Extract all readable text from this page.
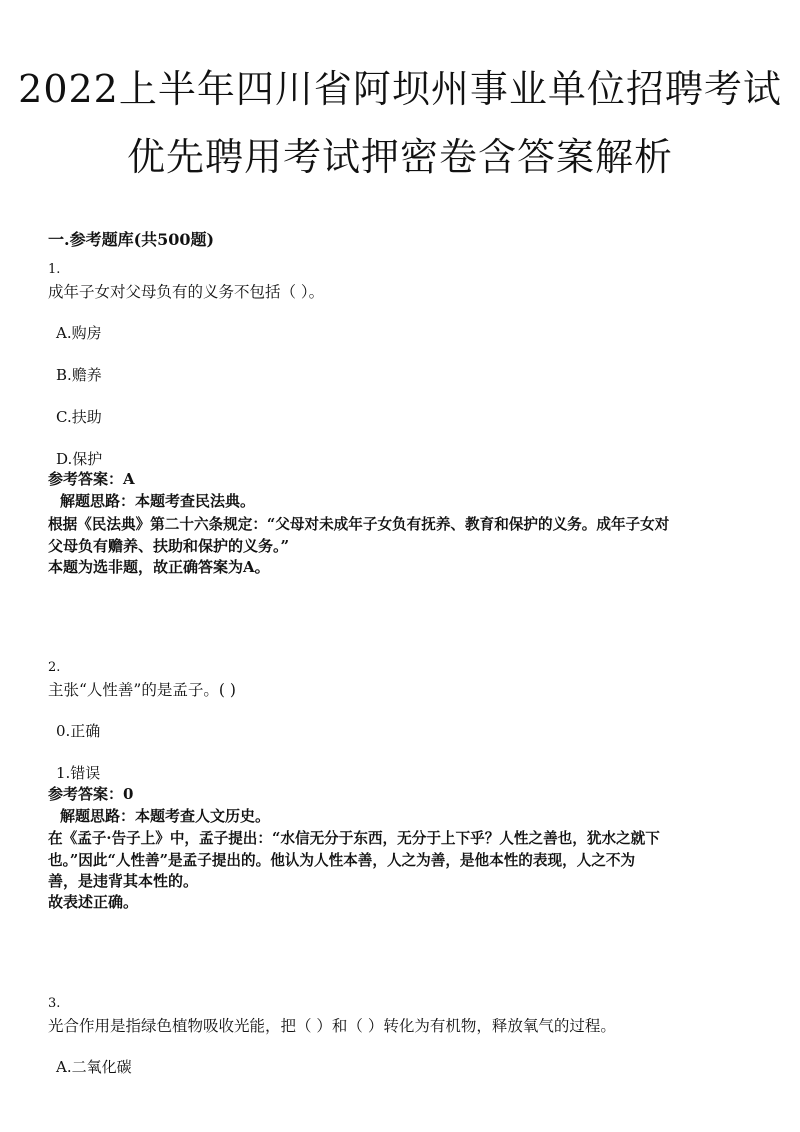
2022上半年四川省阿坝州事业单位招聘考试
优先聘用考试押密卷含答案解析
一.参考题库(共500题)
1.
成年子女对父母负有的义务不包括（ ）。
A.购房
B.赡养
C.扶助
D.保护
参考答案：A
解题思路：本题考查民法典。
根据《民法典》第二十六条规定：“父母对未成年子女负有抚养、教育和保护的义务。成年子女对
父母负有赡养、扶助和保护的义务。”
本题为选非题，故正确答案为A。
2.
主张“人性善”的是孟子。( )
0.正确
1.错误
参考答案：0
解题思路：本题考查人文历史。
在《孟子·告子上》中，孟子提出：“水信无分于东西，无分于上下乎？人性之善也，犹水之就下
也。”因此“人性善”是孟子提出的。他认为人性本善，人之为善，是他本性的表现，人之不为
善，是违背其本性的。
故表述正确。
3.
光合作用是指绿色植物吸收光能，把（ ）和（ ）转化为有机物，释放氧气的过程。
A.二氧化碳
